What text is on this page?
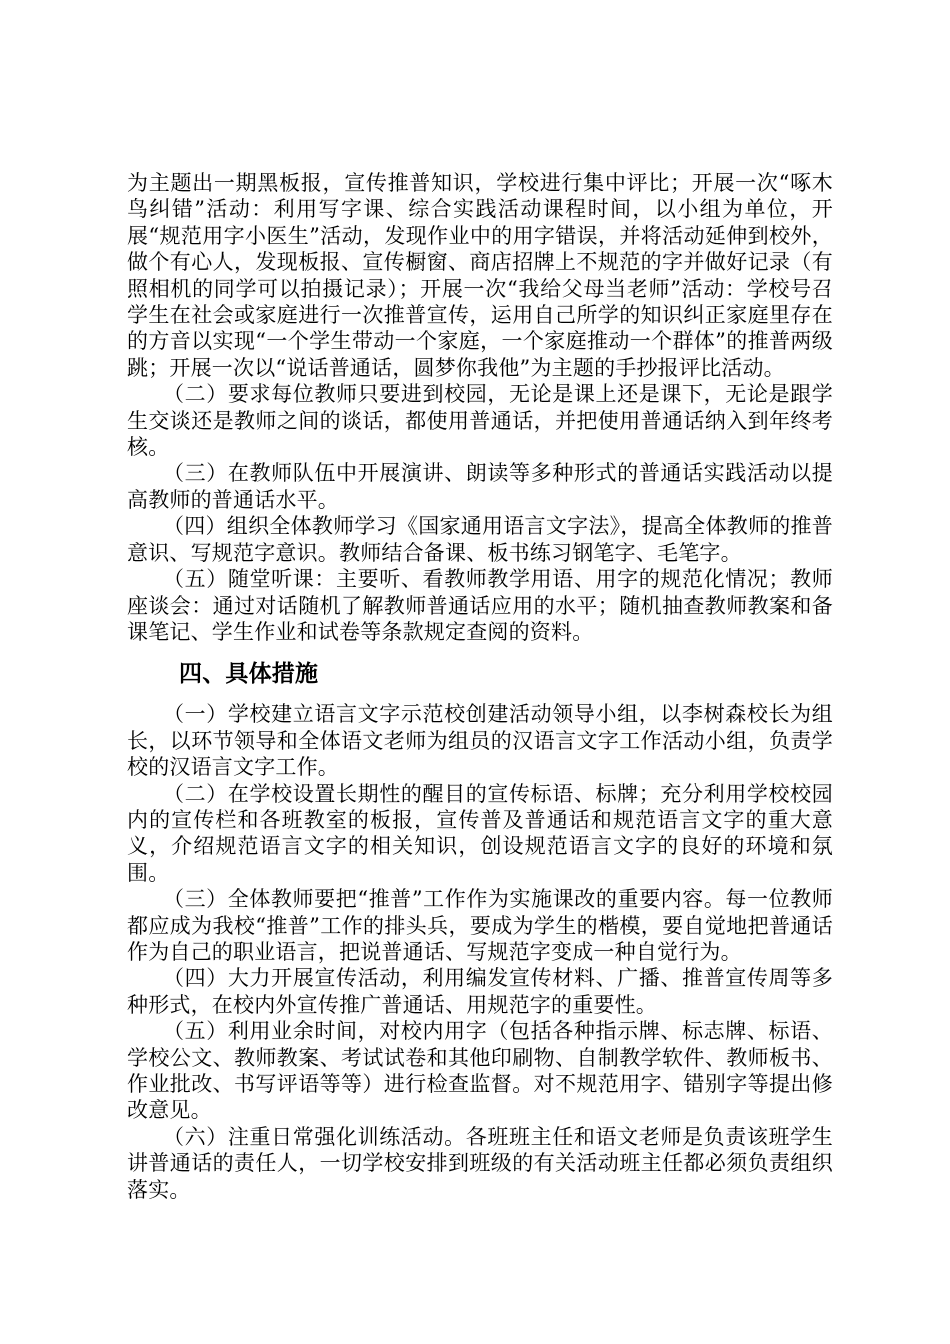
为主题出一期黑板报，宣传推普知识，学校进行集中评比；开展一次“啄木鸟纠错”活动：利用写字课、综合实践活动课程时间，以小组为单位，开展“规范用字小医生”活动，发现作业中的用字错误，并将活动延伸到校外，做个有心人，发现板报、宣传橱窗、商店招牌上不规范的字并做好记录（有照相机的同学可以拍摄记录）；开展一次“我给父母当老师”活动：学校号召学生在社会或家庭进行一次推普宣传，运用自己所学的知识纠正家庭里存在的方音以实现“一个学生带动一个家庭，一个家庭推动一个群体”的推普两级跳；开展一次以“说话普通话，圆梦你我他”为主题的手抄报评比活动。

（二）要求每位教师只要进到校园，无论是课上还是课下，无论是跟学生交谈还是教师之间的谈话，都使用普通话，并把使用普通话纳入到年终考核。

（三）在教师队伍中开展演讲、朗读等多种形式的普通话实践活动以提高教师的普通话水平。

（四）组织全体教师学习《国家通用语言文字法》，提高全体教师的推普意识、写规范字意识。教师结合备课、板书练习钢笔字、毛笔字。

（五）随堂听课：主要听、看教师教学用语、用字的规范化情况；教师座谈会：通过对话随机了解教师普通话应用的水平；随机抽查教师教案和备课笔记、学生作业和试卷等条款规定查阅的资料。

四、具体措施

（一）学校建立语言文字示范校创建活动领导小组，以李树森校长为组长，以环节领导和全体语文老师为组员的汉语言文字工作活动小组，负责学校的汉语言文字工作。

（二）在学校设置长期性的醒目的宣传标语、标牌；充分利用学校校园内的宣传栏和各班教室的板报，宣传普及普通话和规范语言文字的重大意义，介绍规范语言文字的相关知识，创设规范语言文字的良好的环境和氛围。

（三）全体教师要把“推普”工作作为实施课改的重要内容。每一位教师都应成为我校“推普”工作的排头兵，要成为学生的楷模，要自觉地把普通话作为自己的职业语言，把说普通话、写规范字变成一种自觉行为。

（四）大力开展宣传活动，利用编发宣传材料、广播、推普宣传周等多种形式，在校内外宣传推广普通话、用规范字的重要性。

（五）利用业余时间，对校内用字（包括各种指示牌、标志牌、标语、学校公文、教师教案、考试试卷和其他印刷物、自制教学软件、教师板书、作业批改、书写评语等等）进行检查监督。对不规范用字、错别字等提出修改意见。

（六）注重日常强化训练活动。各班班主任和语文老师是负责该班学生讲普通话的责任人，一切学校安排到班级的有关活动班主任都必须负责组织落实。
